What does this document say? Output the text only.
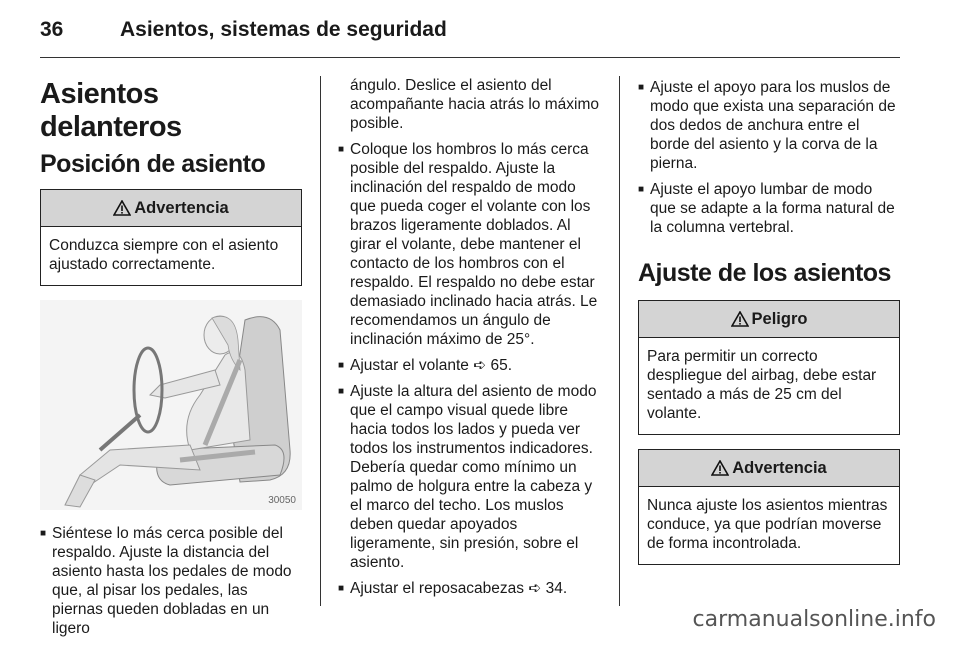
36	Asientos, sistemas de seguridad
Asientos delanteros
Posición de asiento
Advertencia
Conduzca siempre con el asiento ajustado correctamente.
30050
■ Siéntese lo más cerca posible del respaldo. Ajuste la distancia del asiento hasta los pedales de modo que, al pisar los pedales, las piernas queden dobladas en un ligero
ángulo. Deslice el asiento del acompañante hacia atrás lo máximo posible.
■ Coloque los hombros lo más cerca posible del respaldo. Ajuste la inclinación del respaldo de modo que pueda coger el volante con los brazos ligeramente doblados. Al girar el volante, debe mantener el contacto de los hombros con el respaldo. El respaldo no debe estar demasiado inclinado hacia atrás. Le recomendamos un ángulo de inclinación máximo de 25°.
■ Ajustar el volante ➪ 65.
■ Ajuste la altura del asiento de modo que el campo visual quede libre hacia todos los lados y pueda ver todos los instrumentos indicadores. Debería quedar como mínimo un palmo de holgura entre la cabeza y el marco del techo. Los muslos deben quedar apoyados ligeramente, sin presión, sobre el asiento.
■ Ajustar el reposacabezas ➪ 34.
■ Ajuste el apoyo para los muslos de modo que exista una separación de dos dedos de anchura entre el borde del asiento y la corva de la pierna.
■ Ajuste el apoyo lumbar de modo que se adapte a la forma natural de la columna vertebral.
Ajuste de los asientos
Peligro
Para permitir un correcto despliegue del airbag, debe estar sentado a más de 25 cm del volante.
Advertencia
Nunca ajuste los asientos mientras conduce, ya que podrían moverse de forma incontrolada.
carmanualsonline.info
